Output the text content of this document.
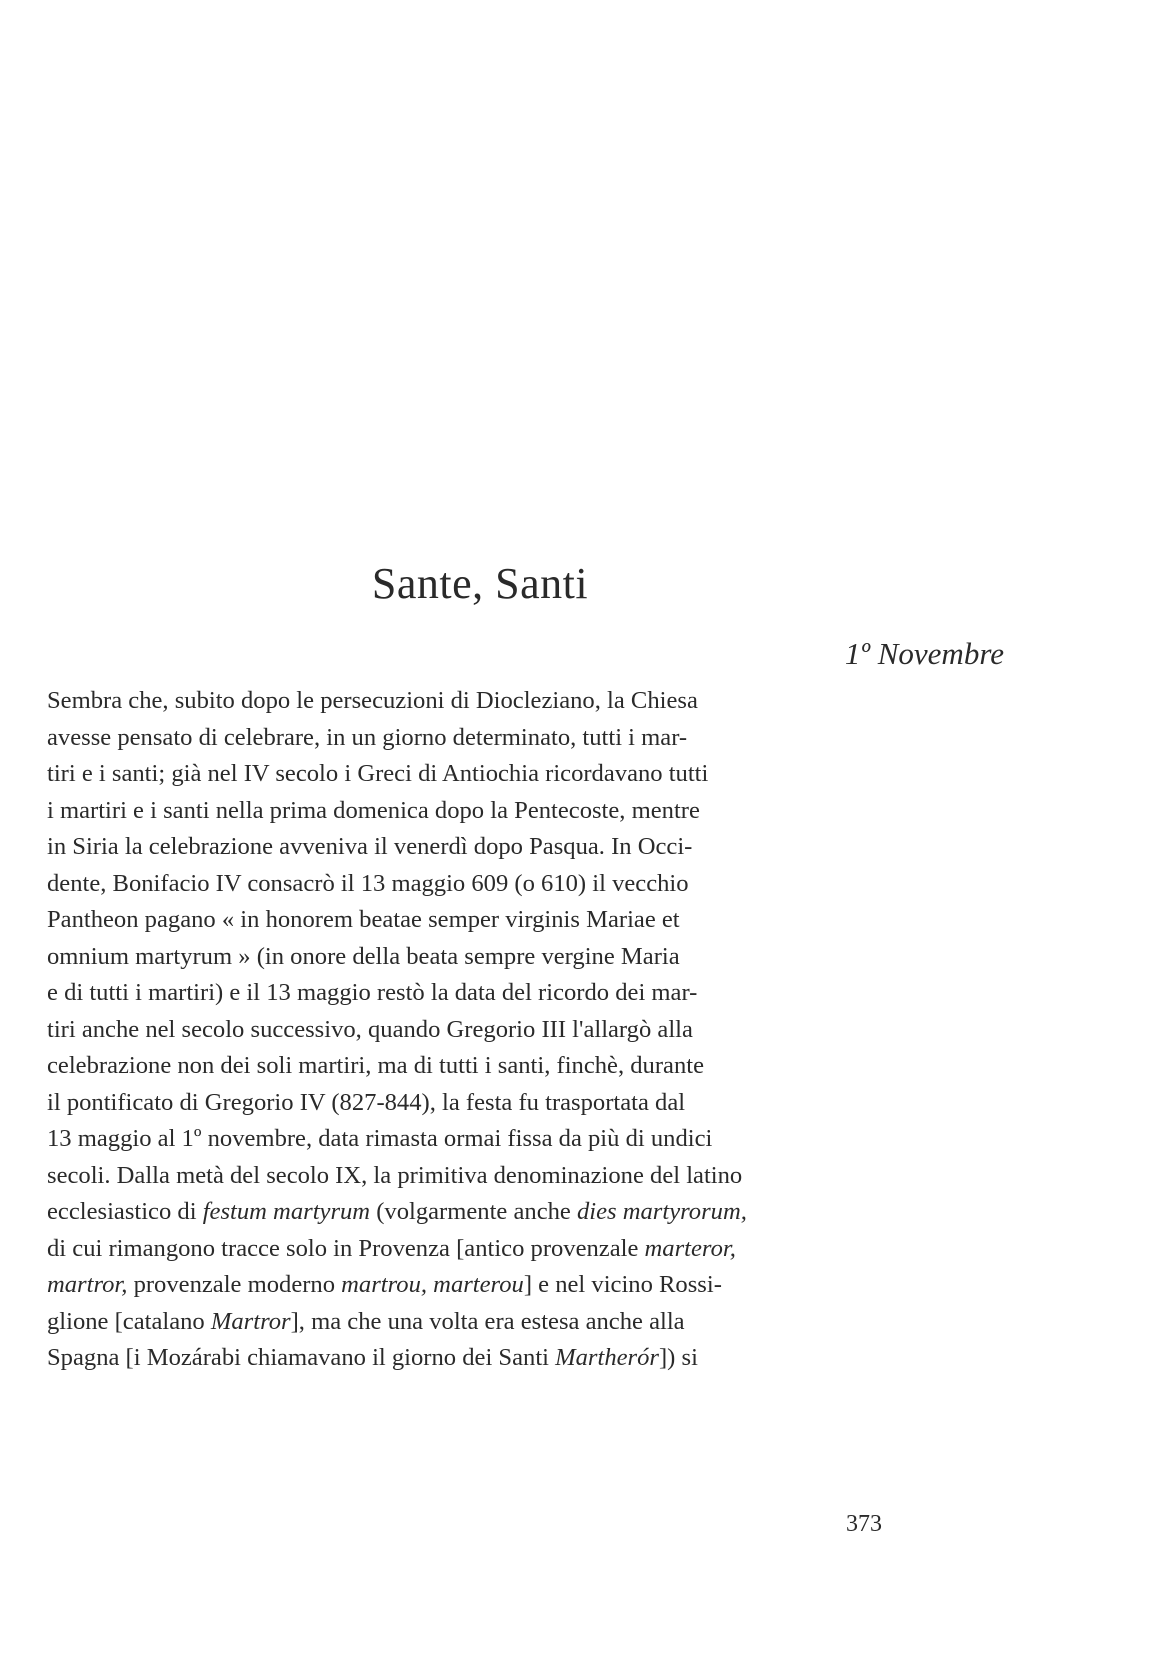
Sante, Santi
1º Novembre
Sembra che, subito dopo le persecuzioni di Diocleziano, la Chiesa
avesse pensato di celebrare, in un giorno determinato, tutti i mar-
tiri e i santi; già nel IV secolo i Greci di Antiochia ricordavano tutti
i martiri e i santi nella prima domenica dopo la Pentecoste, mentre
in Siria la celebrazione avveniva il venerdì dopo Pasqua. In Occi-
dente, Bonifacio IV consacrò il 13 maggio 609 (o 610) il vecchio
Pantheon pagano « in honorem beatae semper virginis Mariae et
omnium martyrum » (in onore della beata sempre vergine Maria
e di tutti i martiri) e il 13 maggio restò la data del ricordo dei mar-
tiri anche nel secolo successivo, quando Gregorio III l'allargò alla
celebrazione non dei soli martiri, ma di tutti i santi, finchè, durante
il pontificato di Gregorio IV (827-844), la festa fu trasportata dal
13 maggio al 1º novembre, data rimasta ormai fissa da più di undici
secoli. Dalla metà del secolo IX, la primitiva denominazione del latino
ecclesiastico di festum martyrum (volgarmente anche dies martyrorum,
di cui rimangono tracce solo in Provenza [antico provenzale marteror,
martror, provenzale moderno martrou, marterou] e nel vicino Rossi-
glione [catalano Martror], ma che una volta era estesa anche alla
Spagna [i Mozárabi chiamavano il giorno dei Santi Martherór]) si
373
